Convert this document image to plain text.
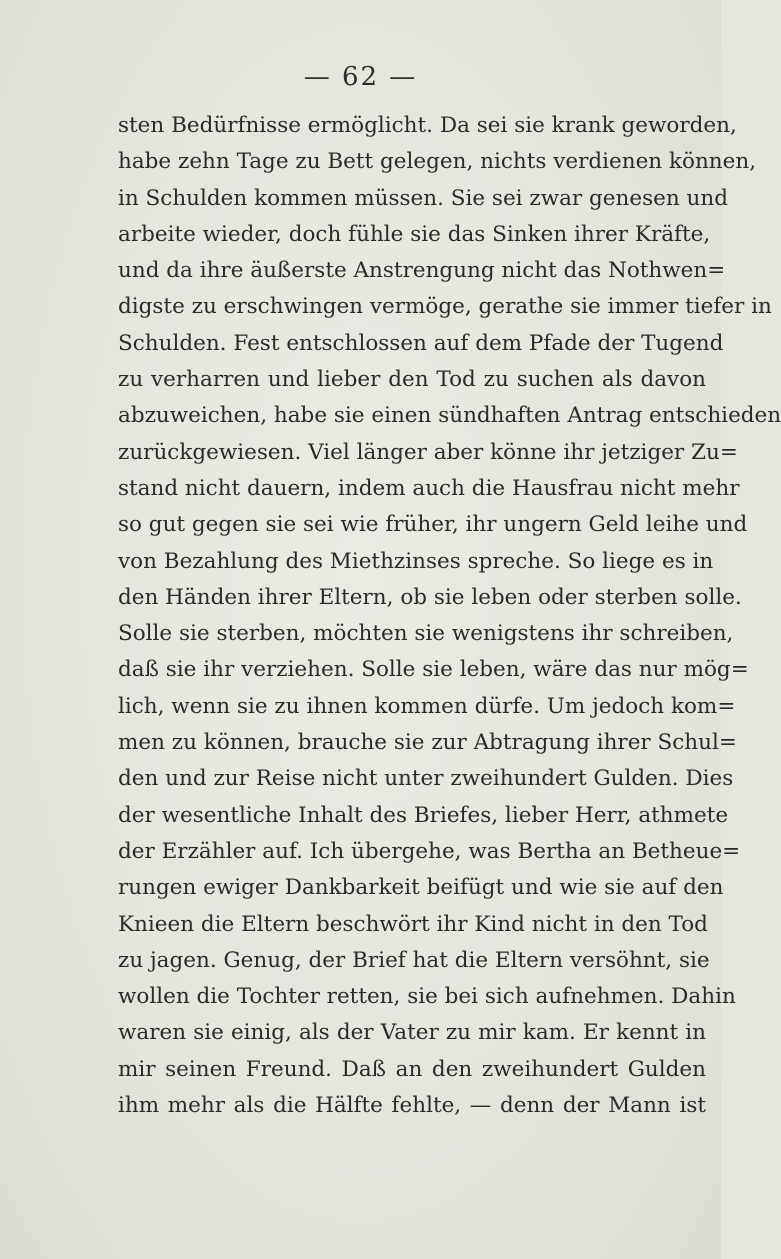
— 62 —
sten Bedürfnisse ermöglicht. Da sei sie krank geworden,
habe zehn Tage zu Bett gelegen, nichts verdienen können,
in Schulden kommen müssen. Sie sei zwar genesen und
arbeite wieder, doch fühle sie das Sinken ihrer Kräfte,
und da ihre äußerste Anstrengung nicht das Nothwen=
digste zu erschwingen vermöge, gerathe sie immer tiefer in
Schulden. Fest entschlossen auf dem Pfade der Tugend
zu verharren und lieber den Tod zu suchen als davon
abzuweichen, habe sie einen sündhaften Antrag entschieden
zurückgewiesen. Viel länger aber könne ihr jetziger Zu=
stand nicht dauern, indem auch die Hausfrau nicht mehr
so gut gegen sie sei wie früher, ihr ungern Geld leihe und
von Bezahlung des Miethzinses spreche. So liege es in
den Händen ihrer Eltern, ob sie leben oder sterben solle.
Solle sie sterben, möchten sie wenigstens ihr schreiben,
daß sie ihr verziehen. Solle sie leben, wäre das nur mög=
lich, wenn sie zu ihnen kommen dürfe. Um jedoch kom=
men zu können, brauche sie zur Abtragung ihrer Schul=
den und zur Reise nicht unter zweihundert Gulden. Dies
der wesentliche Inhalt des Briefes, lieber Herr, athmete
der Erzähler auf. Ich übergehe, was Bertha an Betheue=
rungen ewiger Dankbarkeit beifügt und wie sie auf den
Knieen die Eltern beschwört ihr Kind nicht in den Tod
zu jagen. Genug, der Brief hat die Eltern versöhnt, sie
wollen die Tochter retten, sie bei sich aufnehmen. Dahin
waren sie einig, als der Vater zu mir kam. Er kennt in
mir seinen Freund. Daß an den zweihundert Gulden
ihm mehr als die Hälfte fehlte, — denn der Mann ist
